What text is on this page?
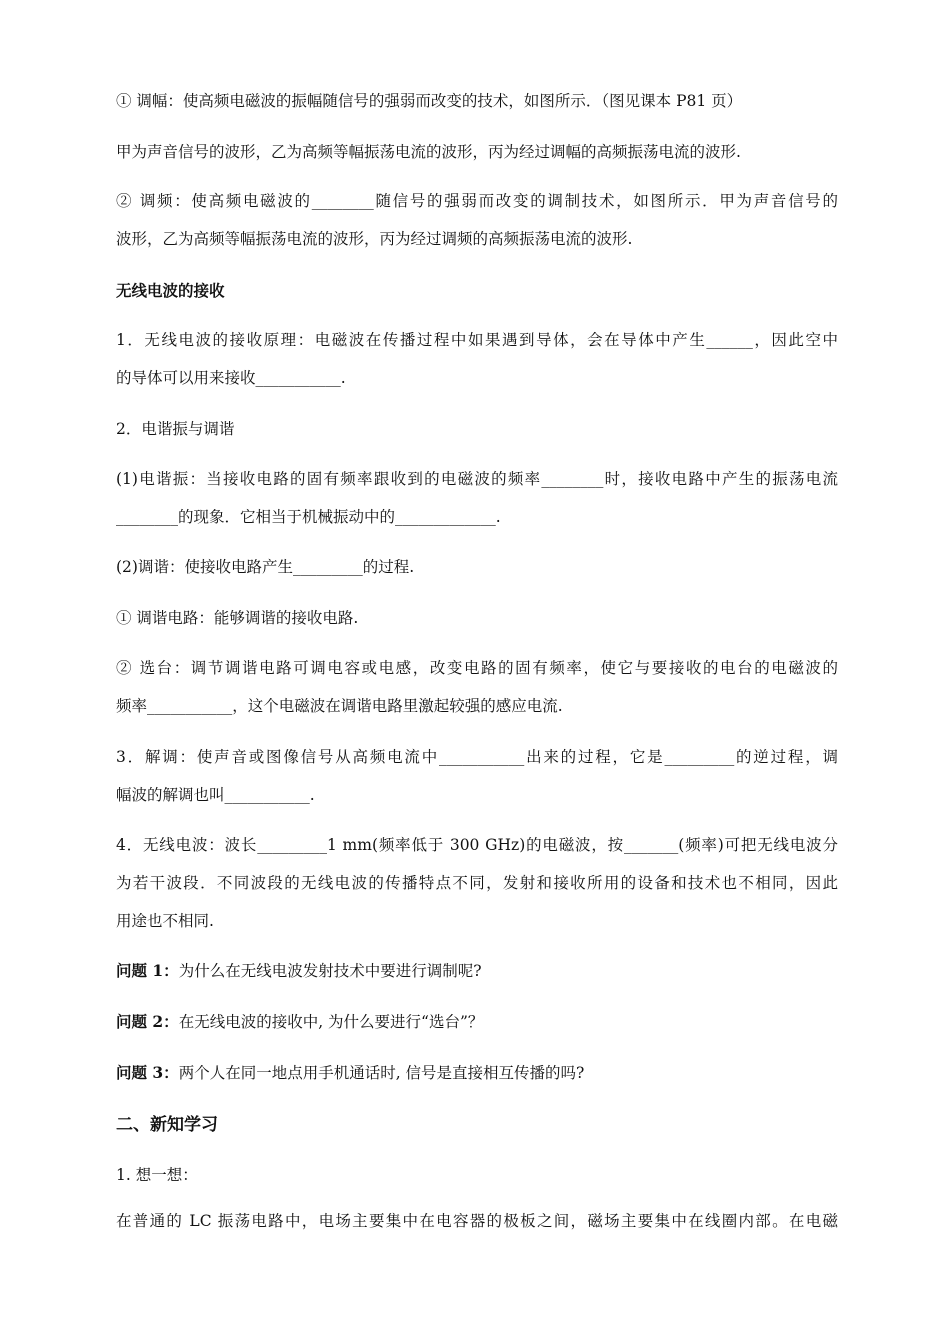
① 调幅：使高频电磁波的振幅随信号的强弱而改变的技术，如图所示．（图见课本 P81 页）
甲为声音信号的波形，乙为高频等幅振荡电流的波形，丙为经过调幅的高频振荡电流的波形.
② 调频：使高频电磁波的________随信号的强弱而改变的调制技术，如图所示．甲为声音信号的
波形，乙为高频等幅振荡电流的波形，丙为经过调频的高频振荡电流的波形.
无线电波的接收
1．无线电波的接收原理：电磁波在传播过程中如果遇到导体，会在导体中产生______，因此空中
的导体可以用来接收___________.
2．电谐振与调谐
(1)电谐振：当接收电路的固有频率跟收到的电磁波的频率________时，接收电路中产生的振荡电流
________的现象．它相当于机械振动中的_____________.
(2)调谐：使接收电路产生_________的过程.
① 调谐电路：能够调谐的接收电路.
② 选台：调节调谐电路可调电容或电感，改变电路的固有频率，使它与要接收的电台的电磁波的
频率___________，这个电磁波在调谐电路里激起较强的感应电流.
3．解调：使声音或图像信号从高频电流中___________出来的过程，它是_________的逆过程，调
幅波的解调也叫___________.
4．无线电波：波长_________1 mm(频率低于 300 GHz)的电磁波，按_______(频率)可把无线电波分
为若干波段．不同波段的无线电波的传播特点不同，发射和接收所用的设备和技术也不相同，因此
用途也不相同.
问题 1：为什么在无线电波发射技术中要进行调制呢?
问题 2：在无线电波的接收中, 为什么要进行“选台”？
问题 3：两个人在同一地点用手机通话时, 信号是直接相互传播的吗?
二、新知学习
1. 想一想：
在普通的 LC 振荡电路中，电场主要集中在电容器的极板之间，磁场主要集中在线圈内部。在电磁
